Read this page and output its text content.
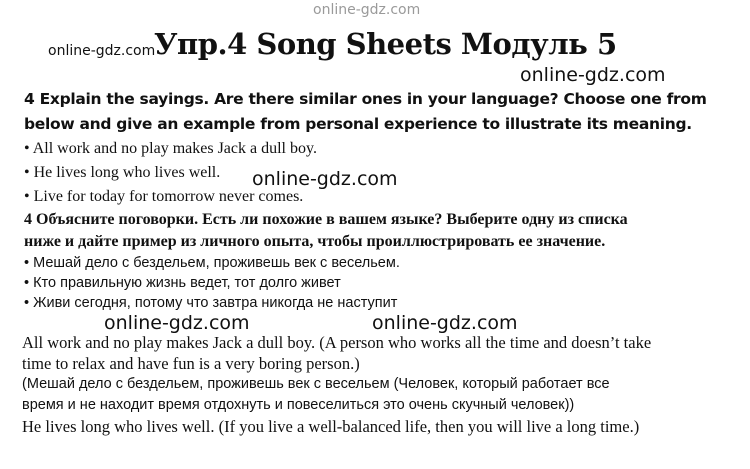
online-gdz.com
online-gdz.com
online-gdz.com
online-gdz.com
online-gdz.com	online-gdz.com
Упр.4 Song Sheets Модуль 5
4 Explain the sayings. Are there similar ones in your language? Choose one from
below and give an example from personal experience to illustrate its meaning.
• All work and no play makes Jack a dull boy.
• He lives long who lives well.
• Live for today for tomorrow never comes.
4 Объясните поговорки. Есть ли похожие в вашем языке? Выберите одну из списка
ниже и дайте пример из личного опыта, чтобы проиллюстрировать ее значение.
• Мешай дело с бездельем, проживешь век с весельем.
• Кто правильную жизнь ведет, тот долго живет
• Живи сегодня, потому что завтра никогда не наступит
All work and no play makes Jack a dull boy. (A person who works all the time and doesn’t take
time to relax and have fun is a very boring person.)
(Мешай дело с бездельем, проживешь век с весельем (Человек, который работает все
время и не находит время отдохнуть и повеселиться это очень скучный человек))
He lives long who lives well. (If you live a well-balanced life, then you will live a long time.)
